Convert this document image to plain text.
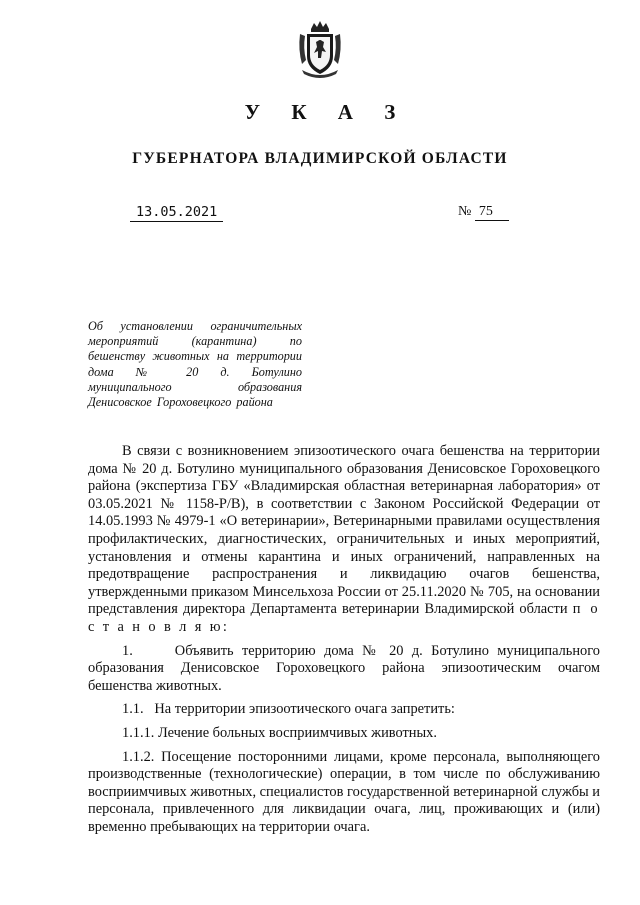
У К А З
ГУБЕРНАТОРА ВЛАДИМИРСКОЙ ОБЛАСТИ
13.05.2021	№ 75
Об установлении ограничительных мероприятий (карантина) по бешенству животных на территории дома № 20 д. Ботулино муниципального образования Денисовское Гороховецкого района

В связи с возникновением эпизоотического очага бешенства на территории дома № 20 д. Ботулино муниципального образования Денисовское Гороховецкого района (экспертиза ГБУ «Владимирская областная ветеринарная лаборатория» от 03.05.2021 № 1158-Р/В), в соответствии с Законом Российской Федерации от 14.05.1993 № 4979-1 «О ветеринарии», Ветеринарными правилами осуществления профилактических, диагностических, ограничительных и иных мероприятий, установления и отмены карантина и иных ограничений, направленных на предотвращение распространения и ликвидацию очагов бешенства, утвержденными приказом Минсельхоза России от 25.11.2020 № 705, на основании представления директора Департамента ветеринарии Владимирской области п о с т а н о в л я ю:

1.     Объявить территорию дома № 20 д. Ботулино муниципального образования Денисовское Гороховецкого района эпизоотическим очагом бешенства животных.

1.1.   На территории эпизоотического очага запретить:

1.1.1. Лечение больных восприимчивых животных.

1.1.2. Посещение посторонними лицами, кроме персонала, выполняющего производственные (технологические) операции, в том числе по обслуживанию восприимчивых животных, специалистов государственной ветеринарной службы и персонала, привлеченного для ликвидации очага, лиц, проживающих и (или) временно пребывающих на территории очага.
